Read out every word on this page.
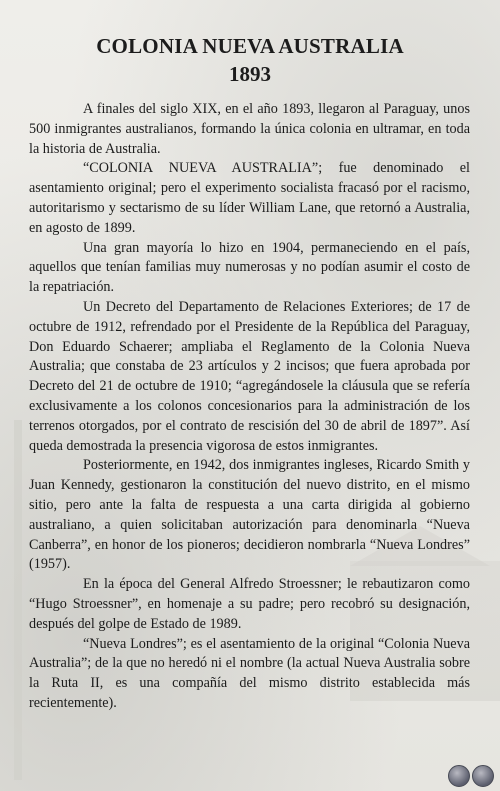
COLONIA NUEVA AUSTRALIA
1893

A finales del siglo XIX, en el año 1893, llegaron al Paraguay, unos 500 inmigrantes australianos, formando la única colonia en ultramar, en toda la historia de Australia.

“COLONIA NUEVA AUSTRALIA”; fue denominado el asentamiento original; pero el experimento socialista fracasó por el racismo, autoritarismo y sectarismo de su líder William Lane, que retornó a Australia, en agosto de 1899.

Una gran mayoría lo hizo en 1904, permaneciendo en el país, aquellos que tenían familias muy numerosas y no podían asumir el costo de la repatriación.

Un Decreto del Departamento de Relaciones Exteriores; de 17 de octubre de 1912, refrendado por el Presidente de la República del Paraguay, Don Eduardo Schaerer; ampliaba el Reglamento de la Colonia Nueva Australia; que constaba de 23 artículos y 2 incisos; que fuera aprobada por Decreto del 21 de octubre de 1910; “agregándosele la cláusula que se refería exclusivamente a los colonos concesionarios para la administración de los terrenos otorgados, por el contrato de rescisión del 30 de abril de 1897”. Así queda demostrada la presencia vigorosa de estos inmigrantes.

Posteriormente, en 1942, dos inmigrantes ingleses, Ricardo Smith y Juan Kennedy, gestionaron la constitución del nuevo distrito, en el mismo sitio, pero ante la falta de respuesta a una carta dirigida al gobierno australiano, a quien solicitaban autorización para denominarla “Nueva Canberra”, en honor de los pioneros; decidieron nombrarla “Nueva Londres” (1957).

En la época del General Alfredo Stroessner; le rebautizaron como “Hugo Stroessner”, en homenaje a su padre; pero recobró su designación, después del golpe de Estado de 1989.

“Nueva Londres”; es el asentamiento de la original “Colonia Nueva Australia”; de la que no heredó ni el nombre (la actual Nueva Australia sobre la Ruta II, es una compañía del mismo distrito establecida más recientemente).
